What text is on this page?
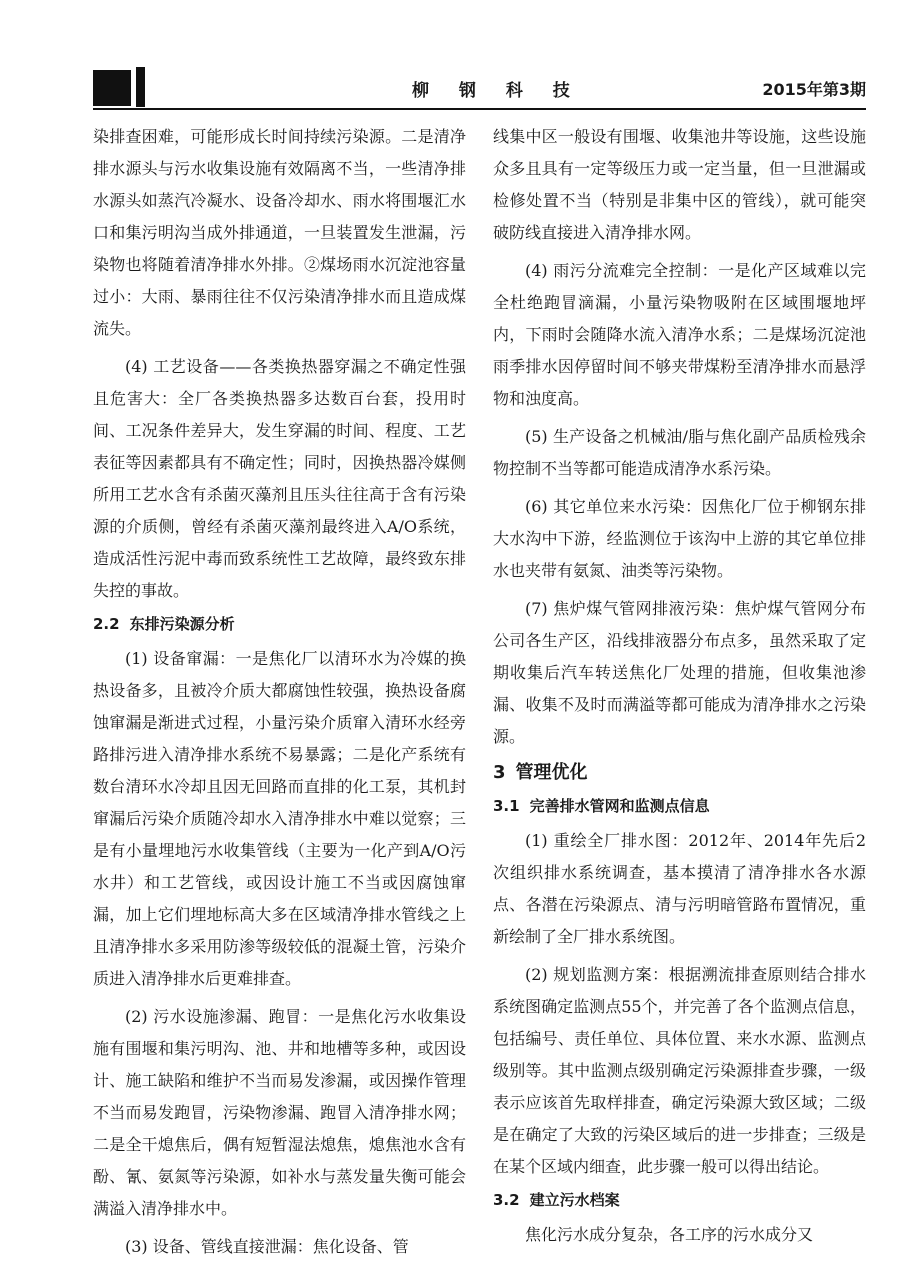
柳 钢 科 技	2015年第3期

染排查困难，可能形成长时间持续污染源。二是清净排水源头与污水收集设施有效隔离不当，一些清净排水源头如蒸汽冷凝水、设备冷却水、雨水将围堰汇水口和集污明沟当成外排通道，一旦装置发生泄漏，污染物也将随着清净排水外排。②煤场雨水沉淀池容量过小：大雨、暴雨往往不仅污染清净排水而且造成煤流失。

(4) 工艺设备——各类换热器穿漏之不确定性强且危害大：全厂各类换热器多达数百台套，投用时间、工况条件差异大，发生穿漏的时间、程度、工艺表征等因素都具有不确定性；同时，因换热器冷媒侧所用工艺水含有杀菌灭藻剂且压头往往高于含有污染源的介质侧，曾经有杀菌灭藻剂最终进入A/O系统，造成活性污泥中毒而致系统性工艺故障，最终致东排失控的事故。

2.2 东排污染源分析

(1) 设备窜漏：一是焦化厂以清环水为冷媒的换热设备多，且被冷介质大都腐蚀性较强，换热设备腐蚀窜漏是渐进式过程，小量污染介质窜入清环水经旁路排污进入清净排水系统不易暴露；二是化产系统有数台清环水冷却且因无回路而直排的化工泵，其机封窜漏后污染介质随冷却水入清净排水中难以觉察；三是有小量埋地污水收集管线（主要为一化产到A/O污水井）和工艺管线，或因设计施工不当或因腐蚀窜漏，加上它们埋地标高大多在区域清净排水管线之上且清净排水多采用防渗等级较低的混凝土管，污染介质进入清净排水后更难排查。

(2) 污水设施渗漏、跑冒：一是焦化污水收集设施有围堰和集污明沟、池、井和地槽等多种，或因设计、施工缺陷和维护不当而易发渗漏，或因操作管理不当而易发跑冒，污染物渗漏、跑冒入清净排水网；二是全干熄焦后，偶有短暂湿法熄焦，熄焦池水含有酚、氰、氨氮等污染源，如补水与蒸发量失衡可能会满溢入清净排水中。

(3) 设备、管线直接泄漏：焦化设备、管

线集中区一般设有围堰、收集池井等设施，这些设施众多且具有一定等级压力或一定当量，但一旦泄漏或检修处置不当（特别是非集中区的管线），就可能突破防线直接进入清净排水网。

(4) 雨污分流难完全控制：一是化产区域难以完全杜绝跑冒滴漏，小量污染物吸附在区域围堰地坪内，下雨时会随降水流入清净水系；二是煤场沉淀池雨季排水因停留时间不够夹带煤粉至清净排水而悬浮物和浊度高。

(5) 生产设备之机械油/脂与焦化副产品质检残余物控制不当等都可能造成清净水系污染。

(6) 其它单位来水污染：因焦化厂位于柳钢东排大水沟中下游，经监测位于该沟中上游的其它单位排水也夹带有氨氮、油类等污染物。

(7) 焦炉煤气管网排液污染：焦炉煤气管网分布公司各生产区，沿线排液器分布点多，虽然采取了定期收集后汽车转送焦化厂处理的措施，但收集池渗漏、收集不及时而满溢等都可能成为清净排水之污染源。

3 管理优化
3.1 完善排水管网和监测点信息

(1) 重绘全厂排水图：2012年、2014年先后2次组织排水系统调查，基本摸清了清净排水各水源点、各潜在污染源点、清与污明暗管路布置情况，重新绘制了全厂排水系统图。

(2) 规划监测方案：根据溯流排查原则结合排水系统图确定监测点55个，并完善了各个监测点信息，包括编号、责任单位、具体位置、来水水源、监测点级别等。其中监测点级别确定污染源排查步骤，一级表示应该首先取样排查，确定污染源大致区域；二级是在确定了大致的污染区域后的进一步排查；三级是在某个区域内细查，此步骤一般可以得出结论。

3.2 建立污水档案

焦化污水成分复杂，各工序的污水成分又
